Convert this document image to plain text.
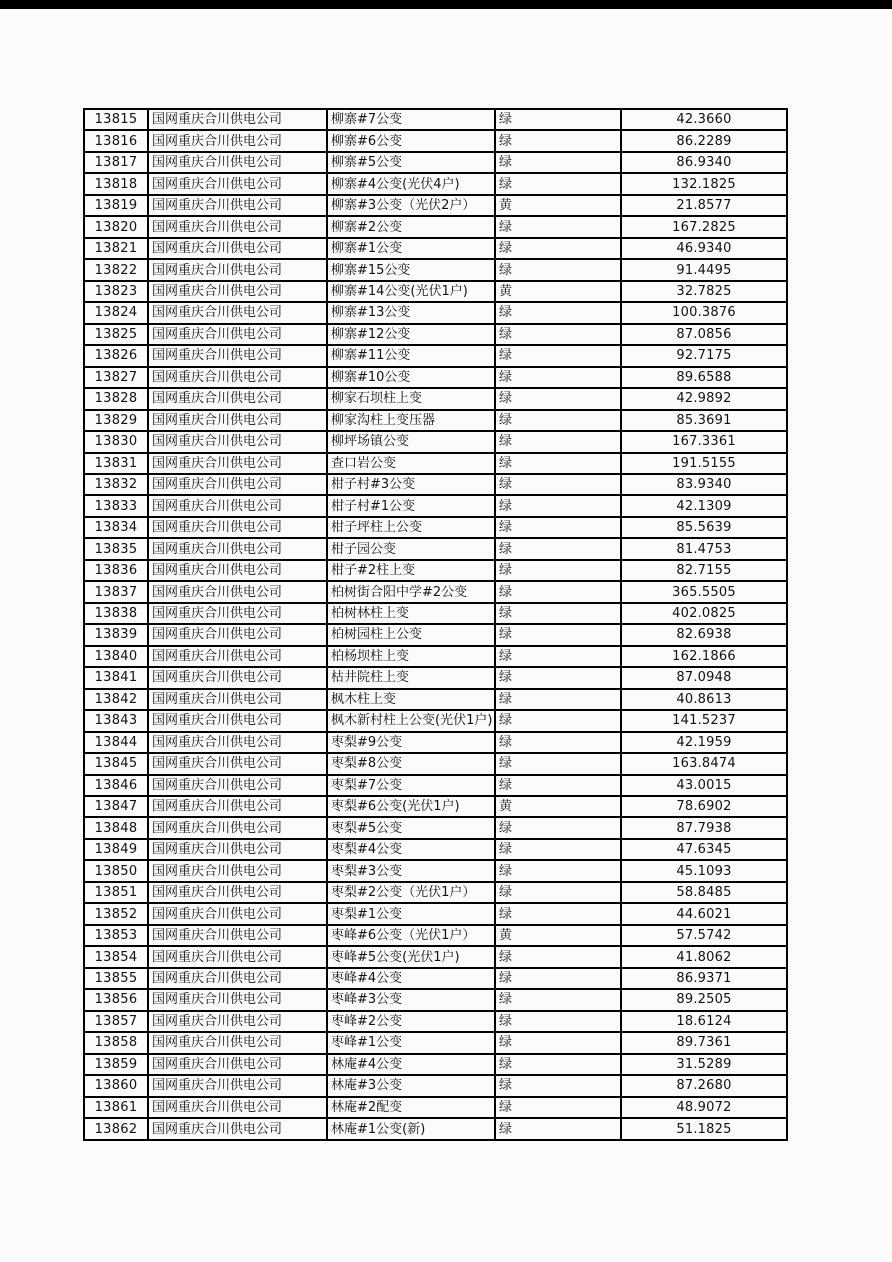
13815	国网重庆合川供电公司	柳寨#7公变	绿	42.3660
13816	国网重庆合川供电公司	柳寨#6公变	绿	86.2289
13817	国网重庆合川供电公司	柳寨#5公变	绿	86.9340
13818	国网重庆合川供电公司	柳寨#4公变(光伏4户)	绿	132.1825
13819	国网重庆合川供电公司	柳寨#3公变（光伏2户）	黄	21.8577
13820	国网重庆合川供电公司	柳寨#2公变	绿	167.2825
13821	国网重庆合川供电公司	柳寨#1公变	绿	46.9340
13822	国网重庆合川供电公司	柳寨#15公变	绿	91.4495
13823	国网重庆合川供电公司	柳寨#14公变(光伏1户)	黄	32.7825
13824	国网重庆合川供电公司	柳寨#13公变	绿	100.3876
13825	国网重庆合川供电公司	柳寨#12公变	绿	87.0856
13826	国网重庆合川供电公司	柳寨#11公变	绿	92.7175
13827	国网重庆合川供电公司	柳寨#10公变	绿	89.6588
13828	国网重庆合川供电公司	柳家石坝柱上变	绿	42.9892
13829	国网重庆合川供电公司	柳家沟柱上变压器	绿	85.3691
13830	国网重庆合川供电公司	柳坪场镇公变	绿	167.3361
13831	国网重庆合川供电公司	查口岩公变	绿	191.5155
13832	国网重庆合川供电公司	柑子村#3公变	绿	83.9340
13833	国网重庆合川供电公司	柑子村#1公变	绿	42.1309
13834	国网重庆合川供电公司	柑子坪柱上公变	绿	85.5639
13835	国网重庆合川供电公司	柑子园公变	绿	81.4753
13836	国网重庆合川供电公司	柑子#2柱上变	绿	82.7155
13837	国网重庆合川供电公司	柏树街合阳中学#2公变	绿	365.5505
13838	国网重庆合川供电公司	柏树林柱上变	绿	402.0825
13839	国网重庆合川供电公司	柏树园柱上公变	绿	82.6938
13840	国网重庆合川供电公司	柏杨坝柱上变	绿	162.1866
13841	国网重庆合川供电公司	枯井院柱上变	绿	87.0948
13842	国网重庆合川供电公司	枫木柱上变	绿	40.8613
13843	国网重庆合川供电公司	枫木新村柱上公变(光伏1户)	绿	141.5237
13844	国网重庆合川供电公司	枣梨#9公变	绿	42.1959
13845	国网重庆合川供电公司	枣梨#8公变	绿	163.8474
13846	国网重庆合川供电公司	枣梨#7公变	绿	43.0015
13847	国网重庆合川供电公司	枣梨#6公变(光伏1户)	黄	78.6902
13848	国网重庆合川供电公司	枣梨#5公变	绿	87.7938
13849	国网重庆合川供电公司	枣梨#4公变	绿	47.6345
13850	国网重庆合川供电公司	枣梨#3公变	绿	45.1093
13851	国网重庆合川供电公司	枣梨#2公变（光伏1户）	绿	58.8485
13852	国网重庆合川供电公司	枣梨#1公变	绿	44.6021
13853	国网重庆合川供电公司	枣峰#6公变（光伏1户）	黄	57.5742
13854	国网重庆合川供电公司	枣峰#5公变(光伏1户)	绿	41.8062
13855	国网重庆合川供电公司	枣峰#4公变	绿	86.9371
13856	国网重庆合川供电公司	枣峰#3公变	绿	89.2505
13857	国网重庆合川供电公司	枣峰#2公变	绿	18.6124
13858	国网重庆合川供电公司	枣峰#1公变	绿	89.7361
13859	国网重庆合川供电公司	林庵#4公变	绿	31.5289
13860	国网重庆合川供电公司	林庵#3公变	绿	87.2680
13861	国网重庆合川供电公司	林庵#2配变	绿	48.9072
13862	国网重庆合川供电公司	林庵#1公变(新)	绿	51.1825
